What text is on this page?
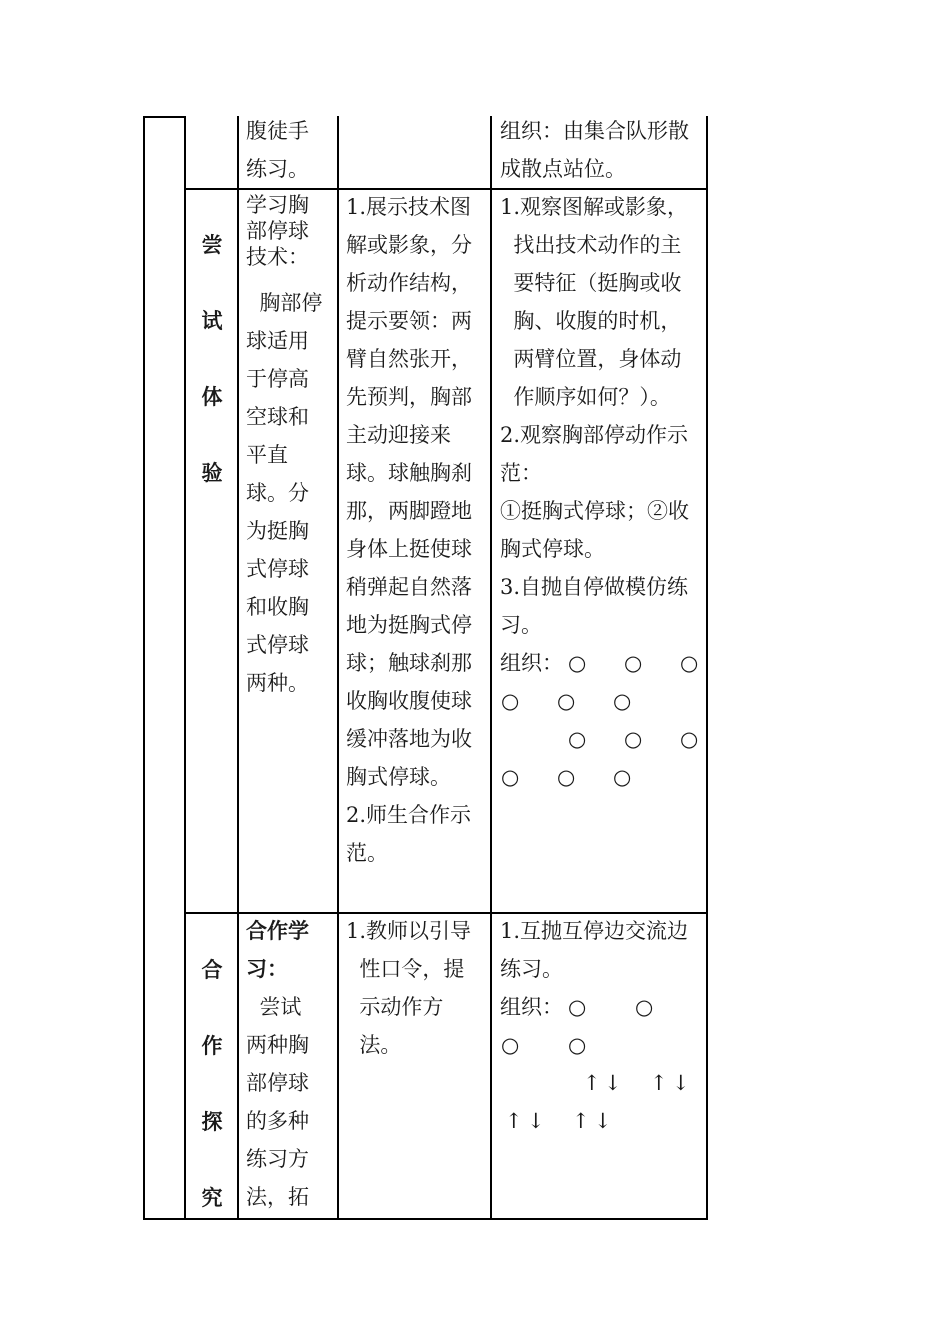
腹徒手
练习。
组织：由集合队形散
成散点站位。
尝
试
体
验
学习胸
部停球
技术：
胸部停
球适用
于停高
空球和
平直
球。分
为挺胸
式停球
和收胸
式停球
两种。
1.展示技术图
解或影象，分
析动作结构，
提示要领：两
臂自然张开，
先预判，胸部
主动迎接来
球。球触胸刹
那，两脚蹬地
身体上挺使球
稍弹起自然落
地为挺胸式停
球；触球刹那
收胸收腹使球
缓冲落地为收
胸式停球。
2.师生合作示
范。
1.观察图解或影象，
找出技术动作的主
要特征（挺胸或收
胸、收腹的时机，
两臂位置，身体动
作顺序如何？）。
2.观察胸部停动作示
范：
①挺胸式停球；②收
胸式停球。
3.自抛自停做模仿练
习。
组织： ○ ○ ○
○ ○ ○
○ ○ ○
○ ○ ○
合
作
探
究
合作学
习：
尝试
两种胸
部停球
的多种
练习方
法，拓
1.教师以引导
性口令，提
示动作方
法。
1.互抛互停边交流边
练习。
组织： ○ ○
○ ○
↑ ↓ ↑ ↓
↑ ↓ ↑ ↓
